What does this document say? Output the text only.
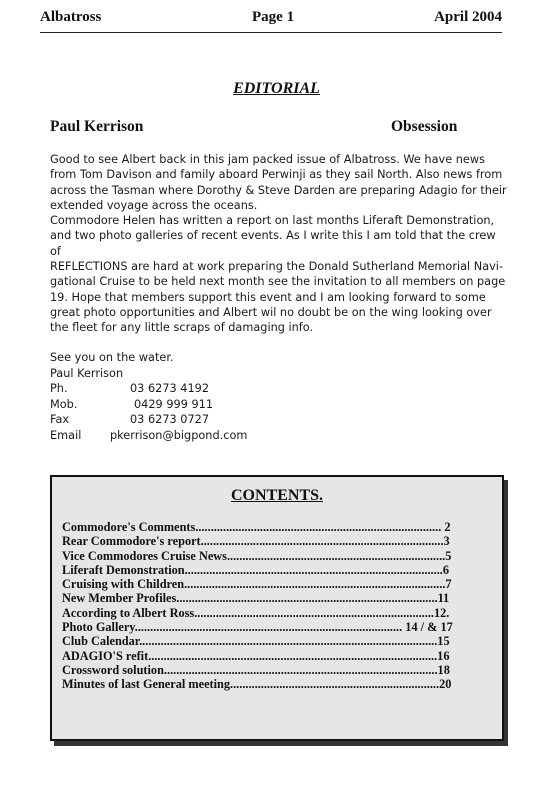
Albatross	Page 1	April 2004
EDITORIAL
Paul Kerrison	Obsession

Good to see Albert back in this jam packed issue of Albatross. We have news

from Tom Davison and family aboard Perwinji as they sail North. Also news from

across the Tasman where Dorothy & Steve Darden are preparing Adagio for their

extended voyage across the oceans.

Commodore Helen has written a report on last months Liferaft Demonstration,

and two photo galleries of recent events. As I write this I am told that the crew of

REFLECTIONS are hard at work preparing the Donald Sutherland Memorial Navi-

gational Cruise to be held next month see the invitation to all members on page

19. Hope that members support this event and I am looking forward to some

great photo opportunities and Albert wil no doubt be on the wing looking over

the fleet for any little scraps of damaging info.

See you on the water.
Paul Kerrison
Ph.	03 6273 4192
Mob.	0429 999 911
Fax	03 6273 0727
Email	pkerrison@bigpond.com
CONTENTS.
Commodore's Comments................................................................................ 2
Rear Commodore's report...............................................................................3
Vice Commodores Cruise News.......................................................................5
Liferaft Demonstration....................................................................................6
Cruising with Children.....................................................................................7
New Member Profiles.....................................................................................11
According to Albert Ross..............................................................................12.
Photo Gallery....................................................................................... 14 / & 17
Club Calendar.................................................................................................15
ADAGIO'S refit..............................................................................................16
Crossword solution.........................................................................................18
Minutes of last General meeting....................................................................20
